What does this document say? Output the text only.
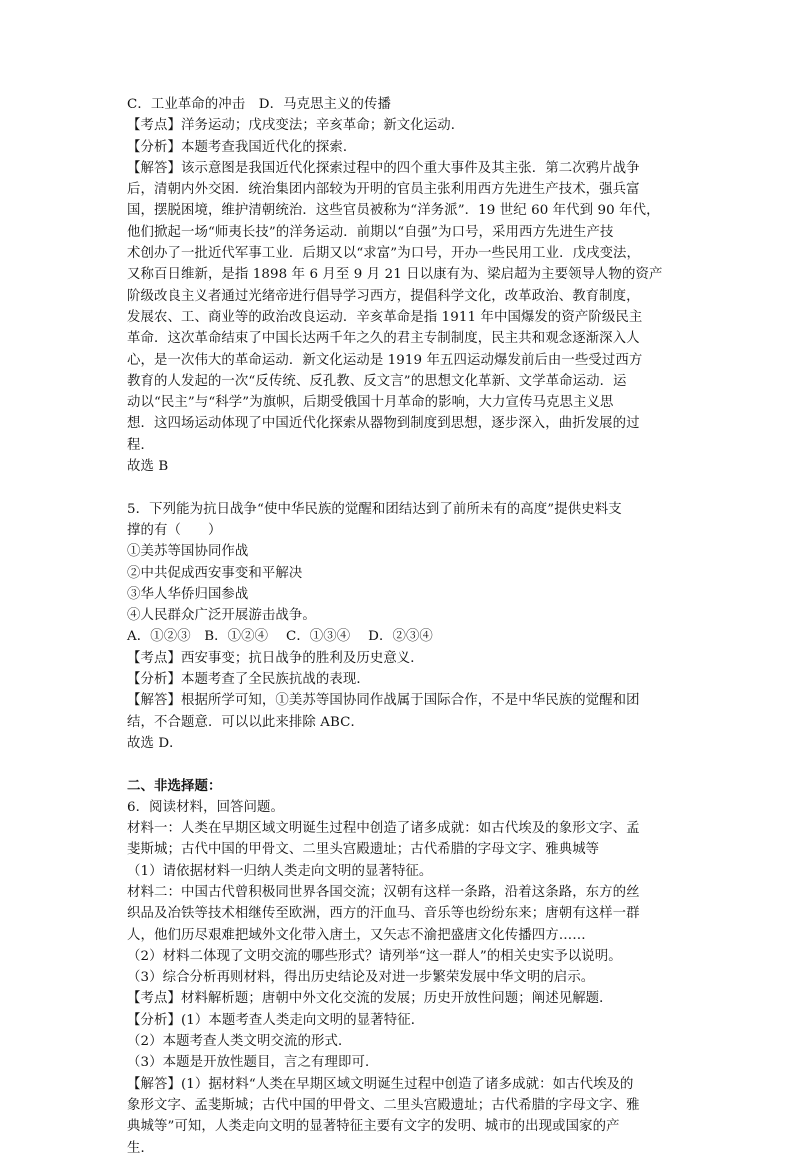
C．工业革命的冲击　D．马克思主义的传播
【考点】洋务运动；戊戌变法；辛亥革命；新文化运动．
【分析】本题考查我国近代化的探索．
【解答】该示意图是我国近代化探索过程中的四个重大事件及其主张．第二次鸦片战争
后，清朝内外交困．统治集团内部较为开明的官员主张利用西方先进生产技术，强兵富
国，摆脱困境，维护清朝统治．这些官员被称为“洋务派”．19 世纪 60 年代到 90 年代，
他们掀起一场“师夷长技”的洋务运动．前期以“自强”为口号，采用西方先进生产技
术创办了一批近代军事工业．后期又以“求富”为口号，开办一些民用工业．戊戌变法，
又称百日维新，是指 1898 年 6 月至 9 月 21 日以康有为、梁启超为主要领导人物的资产
阶级改良主义者通过光绪帝进行倡导学习西方，提倡科学文化，改革政治、教育制度，
发展农、工、商业等的政治改良运动．辛亥革命是指 1911 年中国爆发的资产阶级民主
革命．这次革命结束了中国长达两千年之久的君主专制制度，民主共和观念逐渐深入人
心，是一次伟大的革命运动．新文化运动是 1919 年五四运动爆发前后由一些受过西方
教育的人发起的一次“反传统、反孔教、反文言”的思想文化革新、文学革命运动．运
动以“民主”与“科学”为旗帜，后期受俄国十月革命的影响，大力宣传马克思主义思
想．这四场运动体现了中国近代化探索从器物到制度到思想，逐步深入，曲折发展的过
程．
故选 B
5．下列能为抗日战争“使中华民族的觉醒和团结达到了前所未有的高度”提供史料支
撑的有（　　）
①美苏等国协同作战
②中共促成西安事变和平解决
③华人华侨归国参战
④人民群众广泛开展游击战争。
A．①②③　B．①②④　 C．①③④　 D．②③④
【考点】西安事变；抗日战争的胜利及历史意义．
【分析】本题考查了全民族抗战的表现．
【解答】根据所学可知，①美苏等国协同作战属于国际合作，不是中华民族的觉醒和团
结，不合题意．可以以此来排除 ABC．
故选 D．
二、非选择题：
6．阅读材料，回答问题。
材料一：人类在早期区域文明诞生过程中创造了诸多成就：如古代埃及的象形文字、孟
斐斯城；古代中国的甲骨文、二里头宫殿遗址；古代希腊的字母文字、雅典城等
（1）请依据材料一归纳人类走向文明的显著特征。
材料二：中国古代曾积极同世界各国交流；汉朝有这样一条路，沿着这条路，东方的丝
织品及冶铁等技术相继传至欧洲，西方的汗血马、音乐等也纷纷东来；唐朝有这样一群
人，他们历尽艰难把域外文化带入唐土，又矢志不渝把盛唐文化传播四方……
（2）材料二体现了文明交流的哪些形式？请列举“这一群人”的相关史实予以说明。
（3）综合分析再则材料，得出历史结论及对进一步繁荣发展中华文明的启示。
【考点】材料解析题；唐朝中外文化交流的发展；历史开放性问题；阐述见解题．
【分析】(1）本题考查人类走向文明的显著特征．
（2）本题考查人类文明交流的形式．
（3）本题是开放性题目，言之有理即可．
【解答】(1）据材料“人类在早期区域文明诞生过程中创造了诸多成就：如古代埃及的
象形文字、孟斐斯城；古代中国的甲骨文、二里头宫殿遗址；古代希腊的字母文字、雅
典城等”可知，人类走向文明的显著特征主要有文字的发明、城市的出现或国家的产
生．
